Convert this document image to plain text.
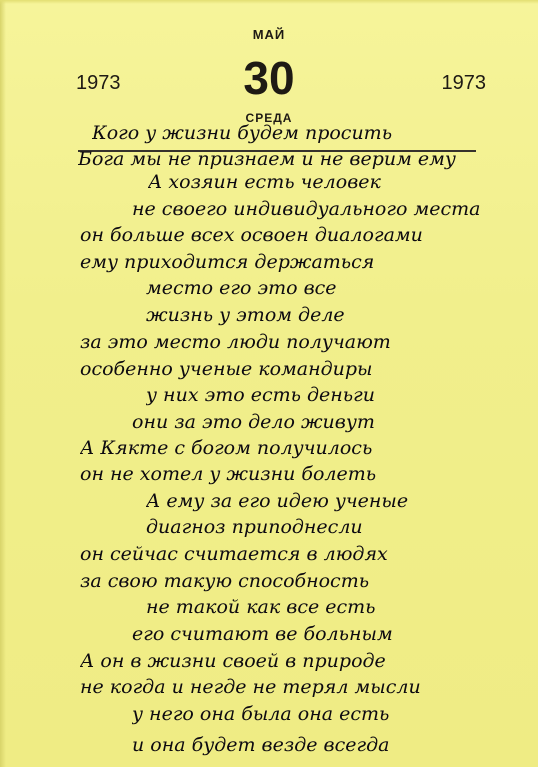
МАЙ
30
1973	1973
СРЕДА
Кого у жизни будем просить
Бога мы не признаем и не верим ему
А хозяин есть человек
не своего индивидуального места
он больше всех освоен диалогами
ему приходится держаться
место его это все
жизнь у этом деле
за это место люди получают
особенно ученые командиры
у них это есть деньги
они за это дело живут
А Кякте с богом получилось
он не хотел у жизни болеть
А ему за его идею ученые
диагноз приподнесли
он сейчас считается в людях
за свою такую способность
не такой как все есть
его считают ве больным
А он в жизни своей в природе
не когда и негде не терял мысли
у него она была она есть
и она будет везде всегда
